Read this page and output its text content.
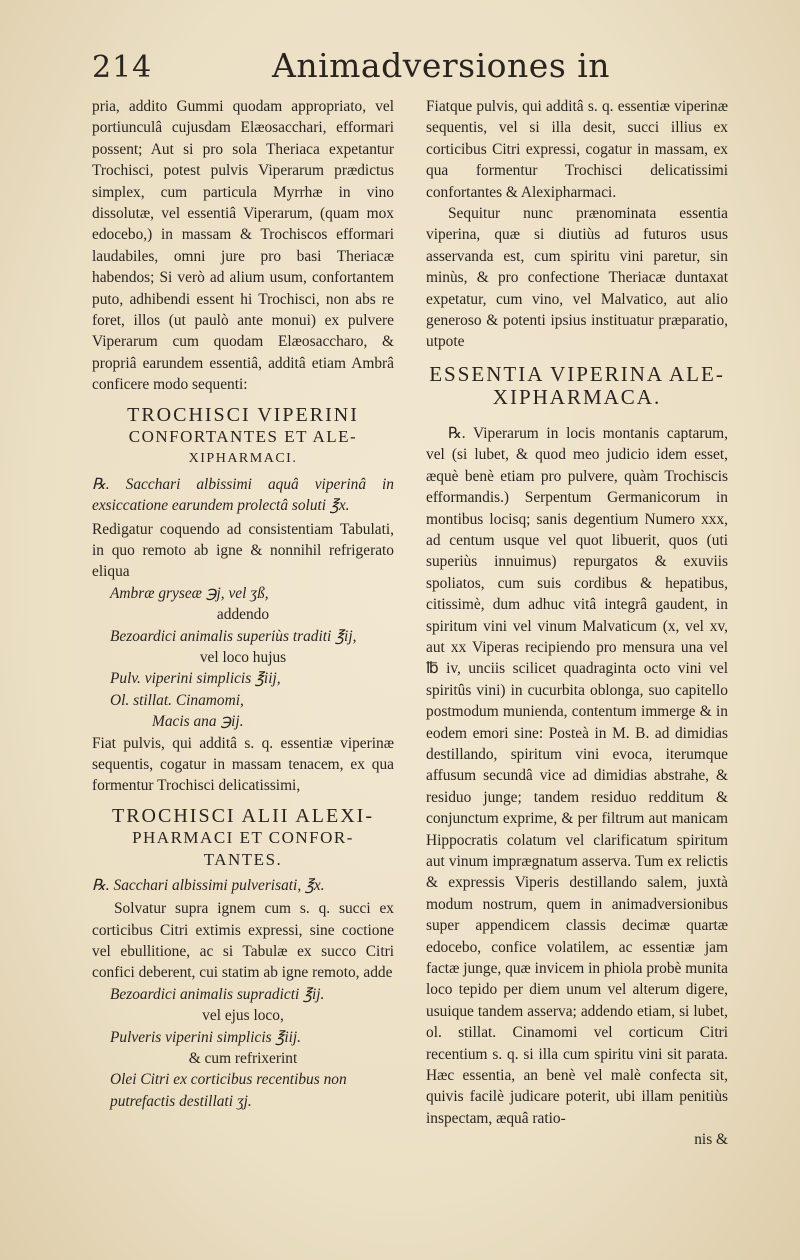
214	Animadversiones in

pria, addito Gummi quodam appropriato, vel portiunculâ cujusdam Elæosacchari, efformari possent; Aut si pro sola Theriaca expetantur Trochisci, potest pulvis Viperarum prædictus simplex, cum particula Myrrhæ in vino dissolutæ, vel essentiâ Viperarum, (quam mox edocebo,) in massam & Trochiscos efformari laudabiles, omni jure pro basi Theriacæ habendos; Si verò ad alium usum, confortantem puto, adhibendi essent hi Trochisci, non abs re foret, illos (ut paulò ante monui) ex pulvere Viperarum cum quodam Elæosaccharo, & propriâ earundem essentiâ, additâ etiam Ambrâ conficere modo sequenti:

TROCHISCI VIPERINI
CONFORTANTES ET ALE-
XIPHARMACI.

℞. Sacchari albissimi aquâ viperinâ in exsiccatione earundem prolectâ soluti ℥x.

Redigatur coquendo ad consistentiam Tabulati, in quo remoto ab igne & nonnihil refrigerato eliqua

Ambræ gryseæ ℈j, vel ʒß,

addendo

Bezoardici animalis superiùs traditi ℥ij,

vel loco hujus

Pulv. viperini simplicis ℥iij,

Ol. stillat. Cinamomi,

Macis ana ℈ij.

Fiat pulvis, qui additâ s. q. essentiæ viperinæ sequentis, cogatur in massam tenacem, ex qua formentur Trochisci delicatissimi,

TROCHISCI ALII ALEXI-
PHARMACI ET CONFOR-
TANTES.

℞. Sacchari albissimi pulverisati, ℥x.

Solvatur supra ignem cum s. q. succi ex corticibus Citri extimis expressi, sine coctione vel ebullitione, ac si Tabulæ ex succo Citri confici deberent, cui statim ab igne remoto, adde

Bezoardici animalis supradicti ℥ij.

vel ejus loco,

Pulveris viperini simplicis ℥iij.

& cum refrixerint

Olei Citri ex corticibus recentibus non putrefactis destillati ʒj.

Fiatque pulvis, qui additâ s. q. essentiæ viperinæ sequentis, vel si illa desit, succi illius ex corticibus Citri expressi, cogatur in massam, ex qua formentur Trochisci delicatissimi confortantes & Alexipharmaci.

Sequitur nunc prænominata essentia viperina, quæ si diutiùs ad futuros usus asservanda est, cum spiritu vini paretur, sin minùs, & pro confectione Theriacæ duntaxat expetatur, cum vino, vel Malvatico, aut alio generoso & potenti ipsius instituatur præparatio, utpote

ESSENTIA VIPERINA ALE-
XIPHARMACA.

℞. Viperarum in locis montanis captarum, vel (si lubet, & quod meo judicio idem esset, æquè benè etiam pro pulvere, quàm Trochiscis efformandis.) Serpentum Germanicorum in montibus locisq; sanis degentium Numero xxx, ad centum usque vel quot libuerit, quos (uti superiùs innuimus) repurgatos & exuviis spoliatos, cum suis cordibus & hepatibus, citissimè, dum adhuc vitâ integrâ gaudent, in spiritum vini vel vinum Malvaticum (x, vel xv, aut xx Viperas recipiendo pro mensura una vel ℔ iv, unciis scilicet quadraginta octo vini vel spiritûs vini) in cucurbita oblonga, suo capitello postmodum munienda, contentum immerge & in eodem emori sine: Posteà in M. B. ad dimidias destillando, spiritum vini evoca, iterumque affusum secundâ vice ad dimidias abstrahe, & residuo junge; tandem residuo redditum & conjunctum exprime, & per filtrum aut manicam Hippocratis colatum vel clarificatum spiritum aut vinum imprægnatum asserva. Tum ex relictis & expressis Viperis destillando salem, juxtà modum nostrum, quem in animadversionibus super appendicem classis decimæ quartæ edocebo, confice volatilem, ac essentiæ jam factæ junge, quæ invicem in phiola probè munita loco tepido per diem unum vel alterum digere, usuique tandem asserva; addendo etiam, si lubet, ol. stillat. Cinamomi vel corticum Citri recentium s. q. si illa cum spiritu vini sit parata. Hæc essentia, an benè vel malè confecta sit, quivis facilè judicare poterit, ubi illam penitiùs inspectam, æquâ ratio-

nis &
